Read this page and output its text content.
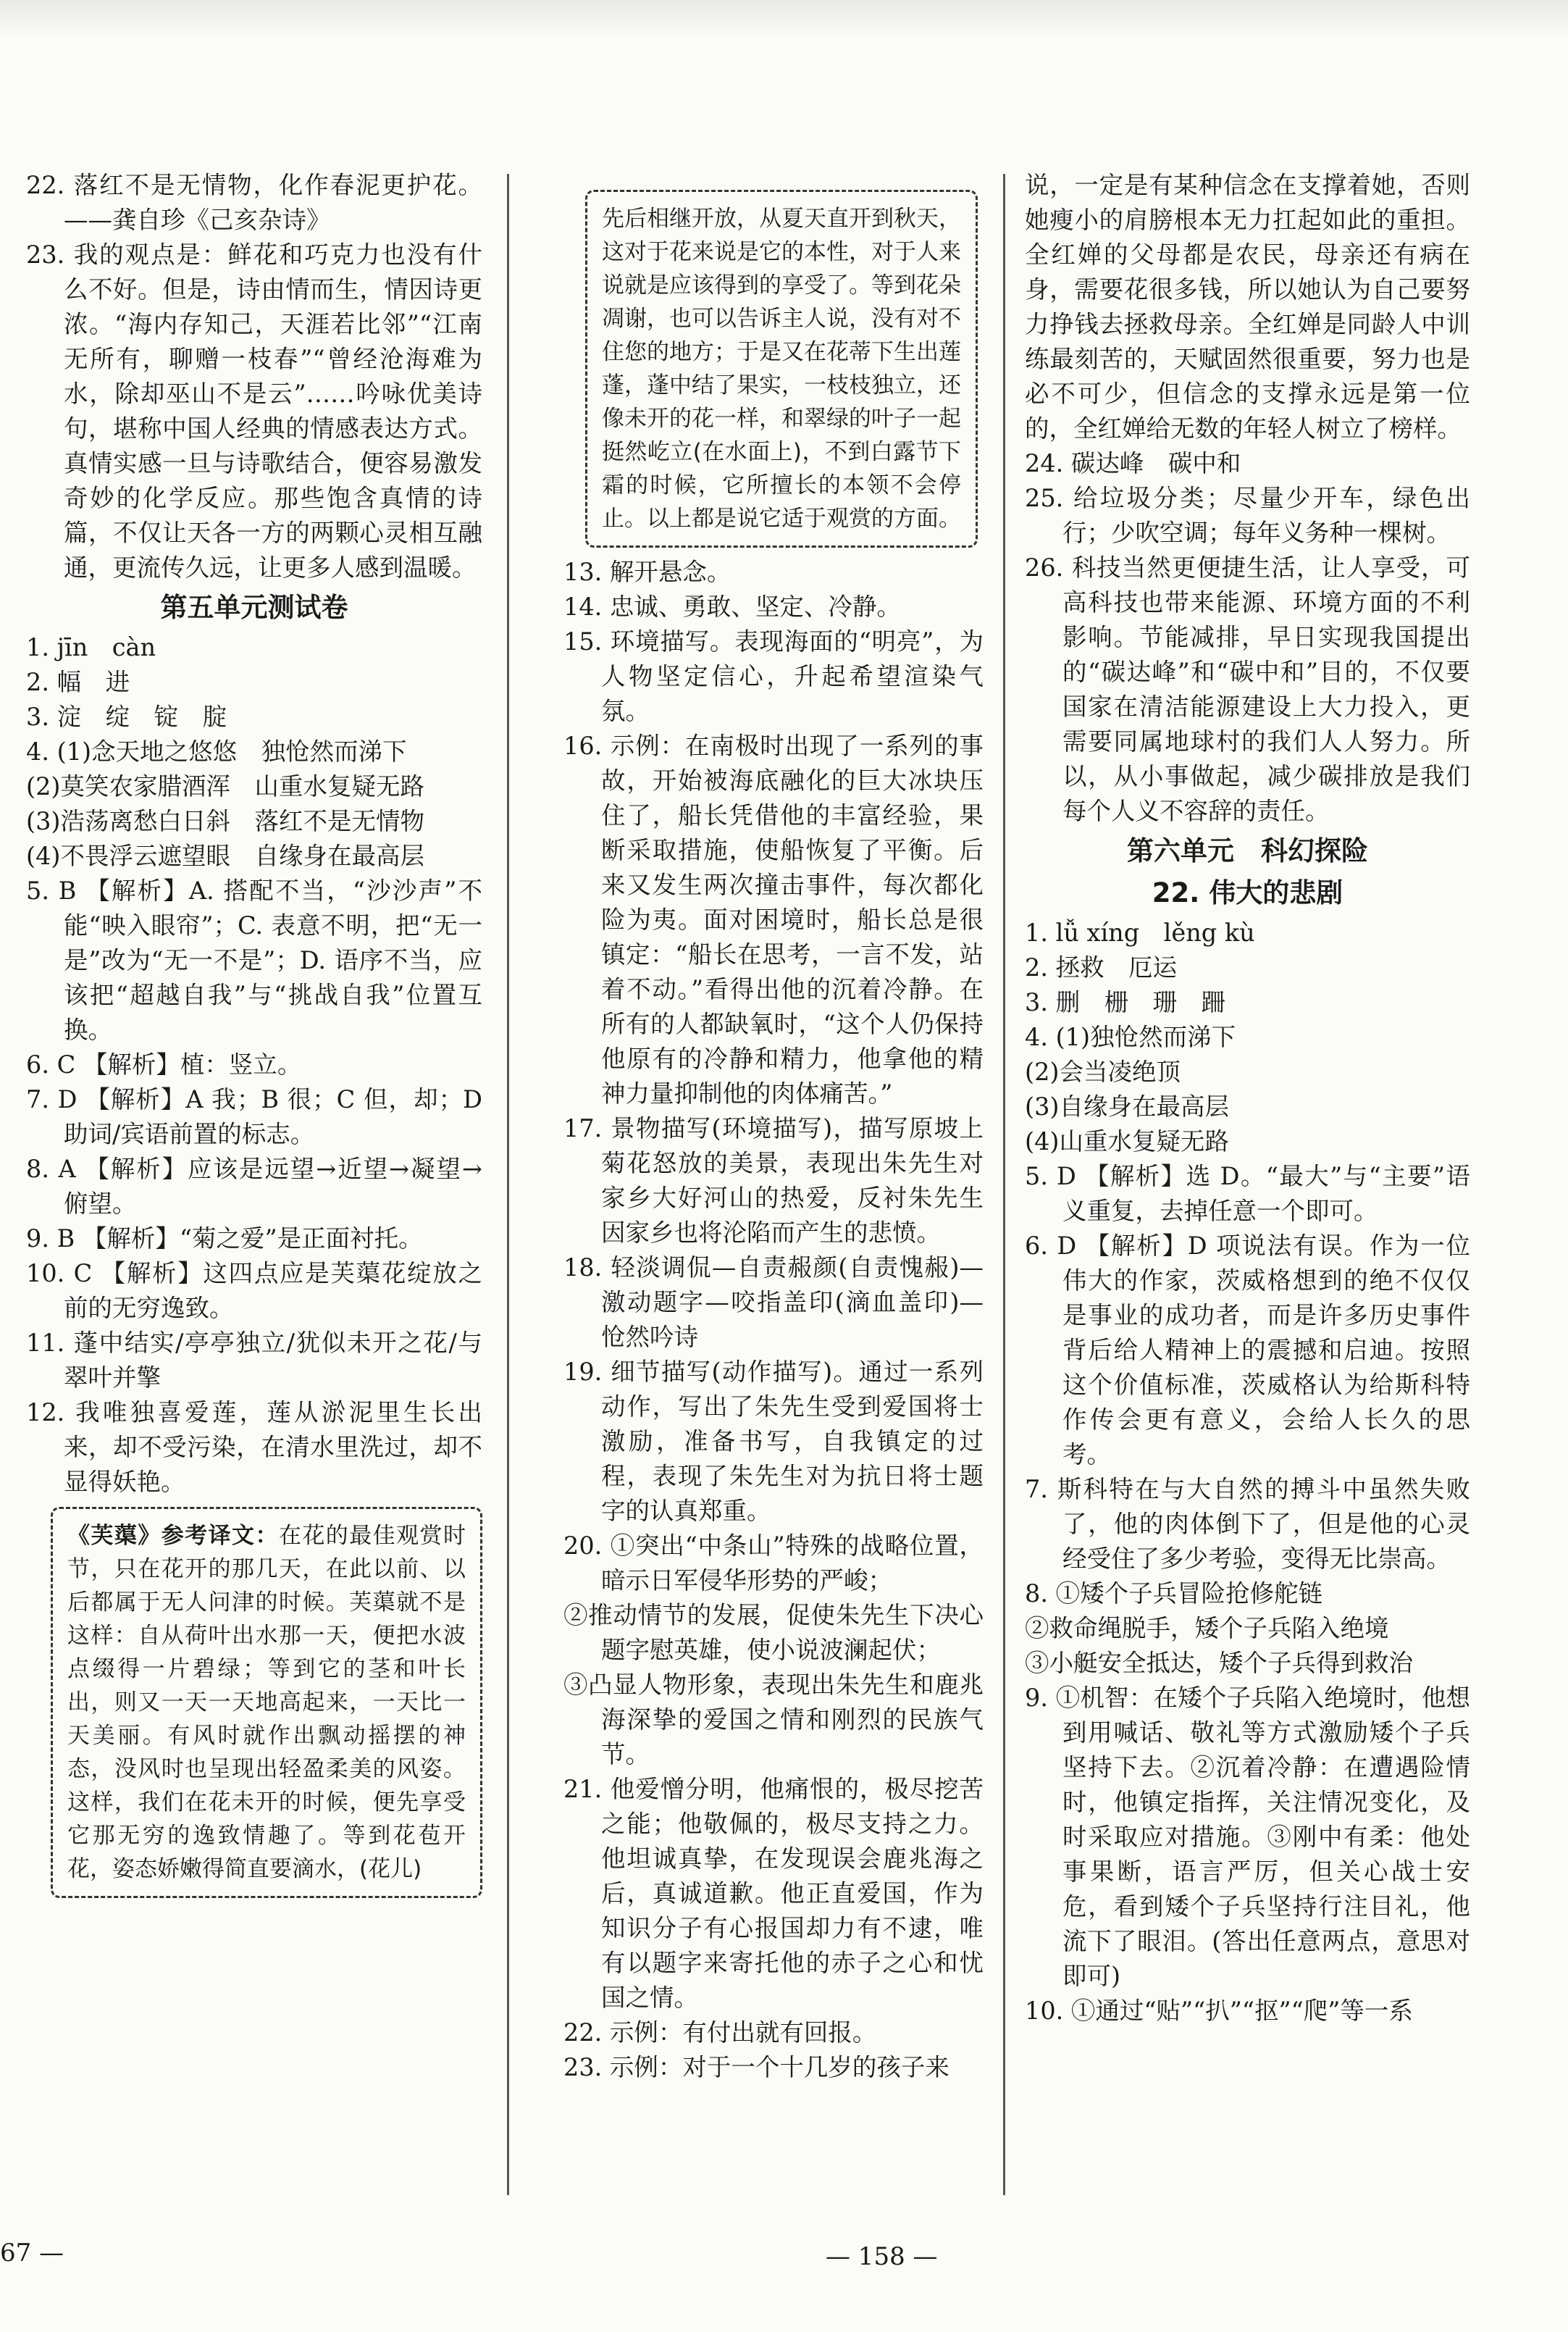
22. 落红不是无情物，化作春泥更护花。——龚自珍《己亥杂诗》

23. 我的观点是：鲜花和巧克力也没有什么不好。但是，诗由情而生，情因诗更浓。“海内存知己，天涯若比邻”“江南无所有，聊赠一枝春”“曾经沧海难为水，除却巫山不是云”……吟咏优美诗句，堪称中国人经典的情感表达方式。真情实感一旦与诗歌结合，便容易激发奇妙的化学反应。那些饱含真情的诗篇，不仅让天各一方的两颗心灵相互融通，更流传久远，让更多人感到温暖。

第五单元测试卷

1. jīn　càn

2. 幅　进

3. 淀　绽　锭　腚

4. (1)念天地之悠悠　独怆然而涕下

(2)莫笑农家腊酒浑　山重水复疑无路

(3)浩荡离愁白日斜　落红不是无情物

(4)不畏浮云遮望眼　自缘身在最高层

5. B 【解析】A. 搭配不当，“沙沙声”不能“映入眼帘”；C. 表意不明，把“无一是”改为“无一不是”；D. 语序不当，应该把“超越自我”与“挑战自我”位置互换。

6. C 【解析】植：竖立。

7. D 【解析】A 我；B 很；C 但，却；D 助词/宾语前置的标志。

8. A 【解析】应该是远望→近望→凝望→俯望。

9. B 【解析】“菊之爱”是正面衬托。

10. C 【解析】这四点应是芙蕖花绽放之前的无穷逸致。

11. 蓬中结实/亭亭独立/犹似未开之花/与翠叶并擎

12. 我唯独喜爱莲，莲从淤泥里生长出来，却不受污染，在清水里洗过，却不显得妖艳。

《芙蕖》参考译文：在花的最佳观赏时节，只在花开的那几天，在此以前、以后都属于无人问津的时候。芙蕖就不是这样：自从荷叶出水那一天，便把水波点缀得一片碧绿；等到它的茎和叶长出，则又一天一天地高起来，一天比一天美丽。有风时就作出飘动摇摆的神态，没风时也呈现出轻盈柔美的风姿。这样，我们在花未开的时候，便先享受它那无穷的逸致情趣了。等到花苞开花，姿态娇嫩得简直要滴水，(花儿)
先后相继开放，从夏天直开到秋天，这对于花来说是它的本性，对于人来说就是应该得到的享受了。等到花朵凋谢，也可以告诉主人说，没有对不住您的地方；于是又在花蒂下生出莲蓬，蓬中结了果实，一枝枝独立，还像未开的花一样，和翠绿的叶子一起挺然屹立(在水面上)，不到白露节下霜的时候，它所擅长的本领不会停止。以上都是说它适于观赏的方面。

13. 解开悬念。

14. 忠诚、勇敢、坚定、冷静。

15. 环境描写。表现海面的“明亮”，为人物坚定信心，升起希望渲染气氛。

16. 示例：在南极时出现了一系列的事故，开始被海底融化的巨大冰块压住了，船长凭借他的丰富经验，果断采取措施，使船恢复了平衡。后来又发生两次撞击事件，每次都化险为夷。面对困境时，船长总是很镇定：“船长在思考，一言不发，站着不动。”看得出他的沉着冷静。在所有的人都缺氧时，“这个人仍保持他原有的冷静和精力，他拿他的精神力量抑制他的肉体痛苦。”

17. 景物描写(环境描写)，描写原坡上菊花怒放的美景，表现出朱先生对家乡大好河山的热爱，反衬朱先生因家乡也将沦陷而产生的悲愤。

18. 轻淡调侃—自责赧颜(自责愧赧)—激动题字—咬指盖印(滴血盖印)—怆然吟诗

19. 细节描写(动作描写)。通过一系列动作，写出了朱先生受到爱国将士激励，准备书写，自我镇定的过程，表现了朱先生对为抗日将士题字的认真郑重。

20. ①突出“中条山”特殊的战略位置，暗示日军侵华形势的严峻；

②推动情节的发展，促使朱先生下决心题字慰英雄，使小说波澜起伏；

③凸显人物形象，表现出朱先生和鹿兆海深挚的爱国之情和刚烈的民族气节。

21. 他爱憎分明，他痛恨的，极尽挖苦之能；他敬佩的，极尽支持之力。他坦诚真挚，在发现误会鹿兆海之后，真诚道歉。他正直爱国，作为知识分子有心报国却力有不逮，唯有以题字来寄托他的赤子之心和忧国之情。

22. 示例：有付出就有回报。

23. 示例：对于一个十几岁的孩子来

说，一定是有某种信念在支撑着她，否则她瘦小的肩膀根本无力扛起如此的重担。全红婵的父母都是农民，母亲还有病在身，需要花很多钱，所以她认为自己要努力挣钱去拯救母亲。全红婵是同龄人中训练最刻苦的，天赋固然很重要，努力也是必不可少，但信念的支撑永远是第一位的，全红婵给无数的年轻人树立了榜样。

24. 碳达峰　碳中和

25. 给垃圾分类；尽量少开车，绿色出行；少吹空调；每年义务种一棵树。

26. 科技当然更便捷生活，让人享受，可高科技也带来能源、环境方面的不利影响。节能减排，早日实现我国提出的“碳达峰”和“碳中和”目的，不仅要国家在清洁能源建设上大力投入，更需要同属地球村的我们人人努力。所以，从小事做起，减少碳排放是我们每个人义不容辞的责任。

第六单元　科幻探险
22. 伟大的悲剧

1. lǚ xíng　lěng kù

2. 拯救　厄运

3. 删　栅　珊　跚

4. (1)独怆然而涕下

(2)会当凌绝顶

(3)自缘身在最高层

(4)山重水复疑无路

5. D 【解析】选 D。“最大”与“主要”语义重复，去掉任意一个即可。

6. D 【解析】D 项说法有误。作为一位伟大的作家，茨威格想到的绝不仅仅是事业的成功者，而是许多历史事件背后给人精神上的震撼和启迪。按照这个价值标准，茨威格认为给斯科特作传会更有意义，会给人长久的思考。

7. 斯科特在与大自然的搏斗中虽然失败了，他的肉体倒下了，但是他的心灵经受住了多少考验，变得无比崇高。

8. ①矮个子兵冒险抢修舵链

②救命绳脱手，矮个子兵陷入绝境

③小艇安全抵达，矮个子兵得到救治

9. ①机智：在矮个子兵陷入绝境时，他想到用喊话、敬礼等方式激励矮个子兵坚持下去。②沉着冷静：在遭遇险情时，他镇定指挥，关注情况变化，及时采取应对措施。③刚中有柔：他处事果断，语言严厉，但关心战士安危，看到矮个子兵坚持行注目礼，他流下了眼泪。(答出任意两点，意思对即可)

10. ①通过“贴”“扒”“抠”“爬”等一系

67 —	— 158 —
